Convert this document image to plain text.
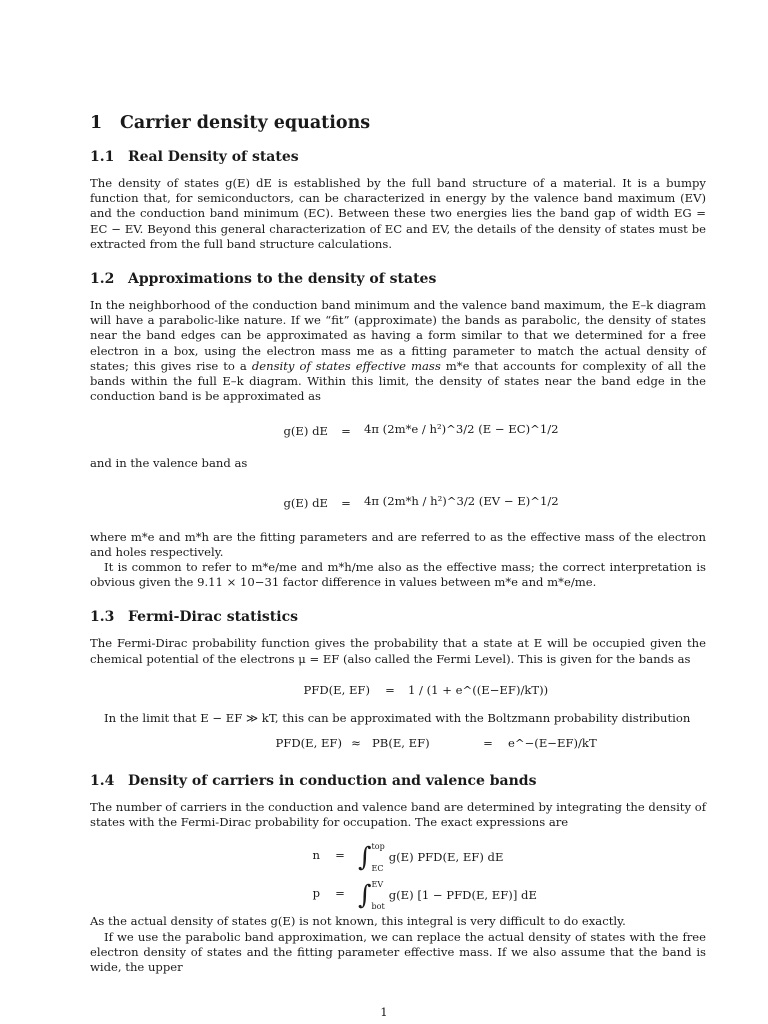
1 Carrier density equations
1.1 Real Density of states

The density of states g(E) dE is established by the full band structure of a material. It is a bumpy function that, for semiconductors, can be characterized in energy by the valence band maximum (EV) and the conduction band minimum (EC). Between these two energies lies the band gap of width EG = EC − EV. Beyond this general characterization of EC and EV, the details of the density of states must be extracted from the full band structure calculations.

1.2 Approximations to the density of states

In the neighborhood of the conduction band minimum and the valence band maximum, the E–k diagram will have a parabolic-like nature. If we “fit” (approximate) the bands as parabolic, the density of states near the band edges can be approximated as having a form similar to that we determined for a free electron in a box, using the electron mass me as a fitting parameter to match the actual density of states; this gives rise to a density of states effective mass m*e that accounts for complexity of all the bands within the full E–k diagram. Within this limit, the density of states near the band edge in the conduction band is be approximated as

g(E) dE = 4π (2m*e / h²)^3/2 (E − EC)^1/2

and in the valence band as

g(E) dE = 4π (2m*h / h²)^3/2 (EV − E)^1/2

where m*e and m*h are the fitting parameters and are referred to as the effective mass of the electron and holes respectively.

It is common to refer to m*e/me and m*h/me also as the effective mass; the correct interpretation is obvious given the 9.11 × 10−31 factor difference in values between m*e and m*e/me.

1.3 Fermi-Dirac statistics

The Fermi-Dirac probability function gives the probability that a state at E will be occupied given the chemical potential of the electrons μ = EF (also called the Fermi Level). This is given for the bands as

PFD(E, EF) = 1 / (1 + e^((E−EF)/kT))

In the limit that E − EF ≫ kT, this can be approximated with the Boltzmann probability distribution

PFD(E, EF) ≈ PB(E, EF)	= e^−(E−EF)/kT
1.4 Density of carriers in conduction and valence bands

The number of carriers in the conduction and valence band are determined by integrating the density of states with the Fermi-Dirac probability for occupation. The exact expressions are

n = ∫ top
EC
g(E) PFD(E, EF) dE
p = ∫ EV
bot
g(E) [1 − PFD(E, EF)] dE

As the actual density of states g(E) is not known, this integral is very difficult to do exactly.

If we use the parabolic band approximation, we can replace the actual density of states with the free electron density of states and the fitting parameter effective mass. If we also assume that the band is wide, the upper

1
